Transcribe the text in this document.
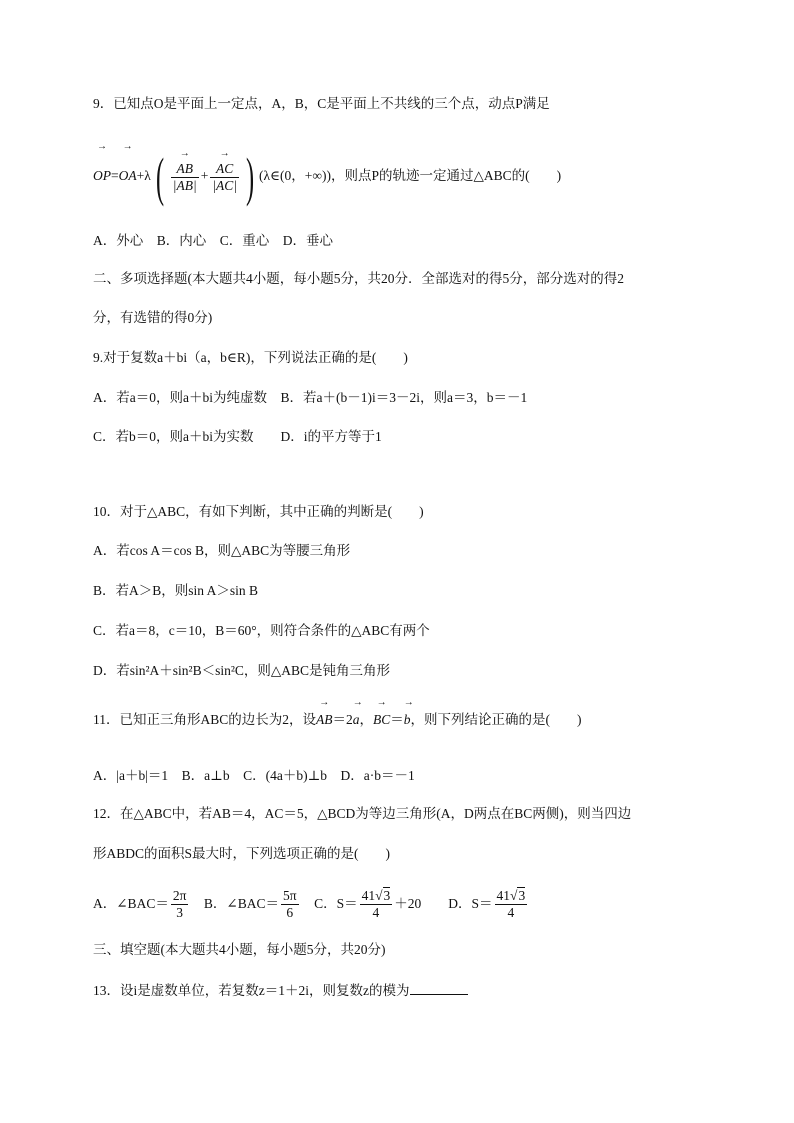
9．已知点O是平面上一定点，A，B，C是平面上不共线的三个点，动点P满足
→ OP=→ OA+λ(
→ $\frac{AB}{|AB|}$ +
→ $\frac{AC}{|AC|}$ ) (λ∈(0，+∞))，则点P的轨迹一定通过△ABC的(　　)
A．外心　B．内心　C．重心　D．垂心
二、多项选择题(本大题共4小题，每小题5分，共20分．全部选对的得5分，部分选对的得2
分，有选错的得0分)
9.对于复数a＋bi（a，b∈R)，下列说法正确的是(　　)
A．若a＝0，则a＋bi为纯虚数　B．若a＋(b－1)i＝3－2i，则a＝3，b＝－1
C．若b＝0，则a＋bi为实数　　D．i的平方等于1
10．对于△ABC，有如下判断，其中正确的判断是(　　)
A．若cos A＝cos B，则△ABC为等腰三角形
B．若A＞B，则sin A＞sin B
C．若a＝8，c＝10，B＝60°，则符合条件的△ABC有两个
D．若sin²A＋sin²B＜sin²C，则△ABC是钝角三角形
11．已知正三角形ABC的边长为2，设→ AB＝2→ a，→ BC＝→ b，则下列结论正确的是(　　)
A．|a＋b|＝1　 B．a⊥b　 C．(4a＋b)⊥b　 D．a·b＝－1
12．在△ABC中，若AB＝4，AC＝5，△BCD为等边三角形(A，D两点在BC两侧)，则当四边
形ABDC的面积S最大时，下列选项正确的是(　　)
A．∠BAC＝ $\frac{2\pi}{3}$
　 B．∠BAC＝ $\frac{5\pi}{6}$
　 C．$S= \frac{41√3}{4} +20$　　 D．$S= \frac{41√3}{4}$
三、填空题(本大题共4小题，每小题5分，共20分)
13．设i是虚数单位，若复数z＝1＋2i，则复数z的模为
